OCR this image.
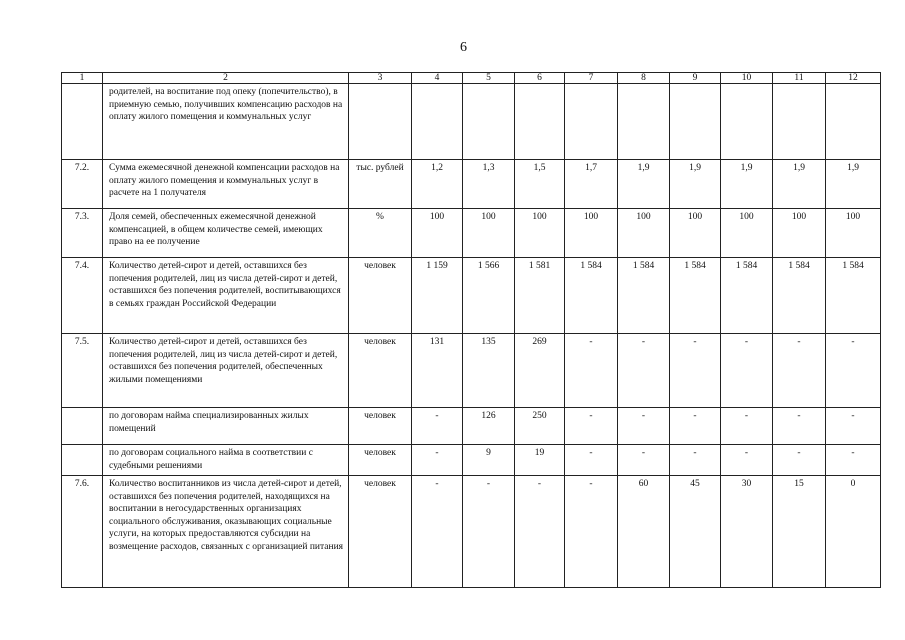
6
1	2	3	4	5	6	7	8	9	10	11	12
	родителей, на воспитание под опеку (попечительство), в приемную семью, получивших компенсацию расходов на оплату жилого помещения и коммунальных услуг										
7.2.	Сумма ежемесячной денежной компенсации расходов на оплату жилого помещения и коммунальных услуг в расчете на 1 получателя	тыс. рублей	1,2	1,3	1,5	1,7	1,9	1,9	1,9	1,9	1,9
7.3.	Доля семей, обеспеченных ежемесячной денежной компенсацией, в общем количестве семей, имеющих право на ее получение	%	100	100	100	100	100	100	100	100	100
7.4.	Количество детей-сирот и детей, оставшихся без попечения родителей, лиц из числа детей-сирот и детей, оставшихся без попечения родителей, воспитывающихся в семьях граждан Российской Федерации	человек	1 159	1 566	1 581	1 584	1 584	1 584	1 584	1 584	1 584
7.5.	Количество детей-сирот и детей, оставшихся без попечения родителей, лиц из числа детей-сирот и детей, оставшихся без попечения родителей, обеспеченных жилыми помещениями	человек	131	135	269	-	-	-	-	-	-
	по договорам найма специализированных жилых помещений	человек	-	126	250	-	-	-	-	-	-
	по договорам социального найма в соответствии с судебными решениями	человек	-	9	19	-	-	-	-	-	-
7.6.	Количество воспитанников из числа детей-сирот и детей, оставшихся без попечения родителей, находящихся на воспитании в негосударственных организациях социального обслуживания, оказывающих социальные услуги, на которых предоставляются субсидии на возмещение расходов, связанных с организацией питания	человек	-	-	-	-	60	45	30	15	0
